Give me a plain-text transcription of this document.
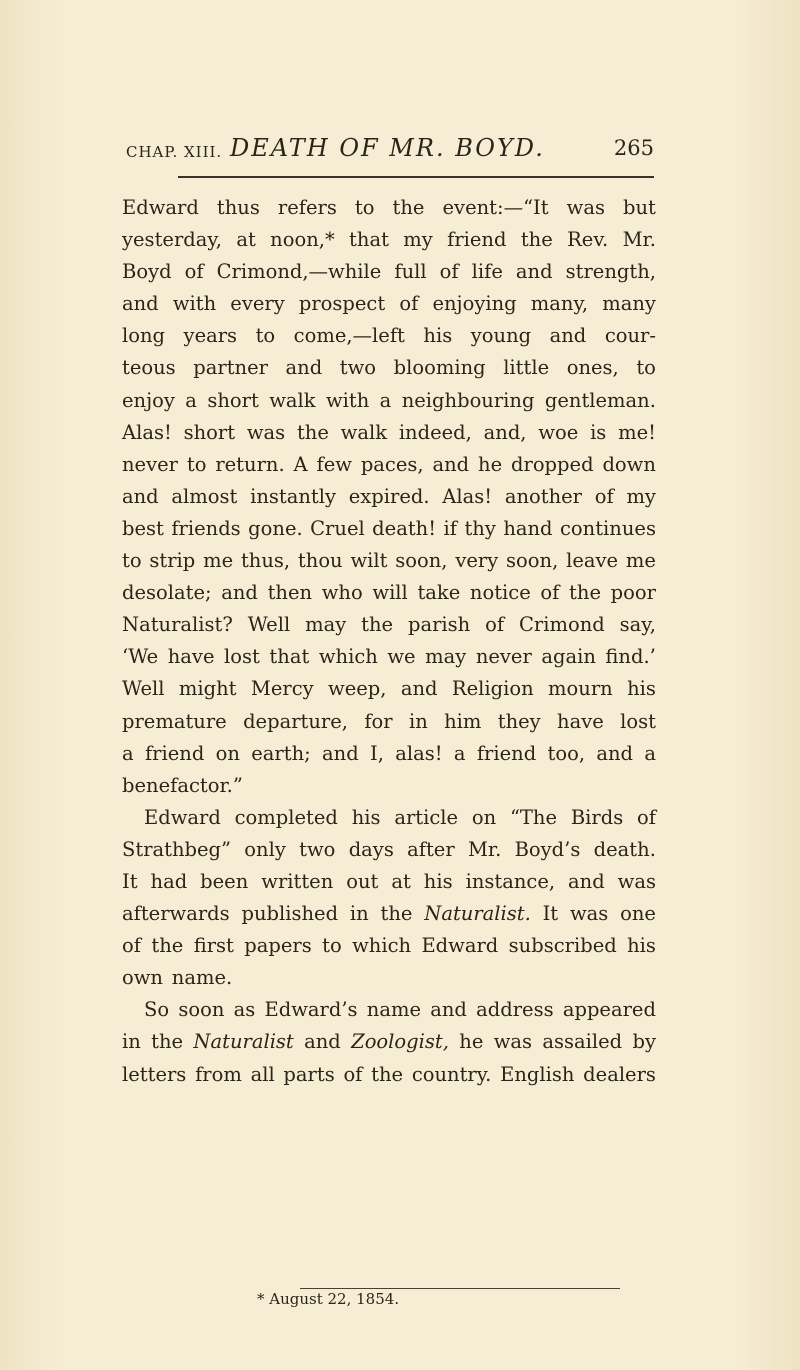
CHAP. XIII. DEATH OF MR. BOYD.	265
Edward thus refers to the event:—“It was but
yesterday, at noon,* that my friend the Rev. Mr.
Boyd of Crimond,—while full of life and strength,
and with every prospect of enjoying many, many
long years to come,—left his young and cour-
teous partner and two blooming little ones, to
enjoy a short walk with a neighbouring gentleman.
Alas! short was the walk indeed, and, woe is me!
never to return. A few paces, and he dropped down
and almost instantly expired. Alas! another of my
best friends gone. Cruel death! if thy hand continues
to strip me thus, thou wilt soon, very soon, leave me
desolate; and then who will take notice of the poor
Naturalist? Well may the parish of Crimond say,
‘We have lost that which we may never again find.’
Well might Mercy weep, and Religion mourn his
premature departure, for in him they have lost
a friend on earth; and I, alas! a friend too, and a
benefactor.”
Edward completed his article on “The Birds of
Strathbeg” only two days after Mr. Boyd’s death.
It had been written out at his instance, and was
afterwards published in the Naturalist. It was one
of the first papers to which Edward subscribed his
own name.
So soon as Edward’s name and address appeared
in the Naturalist and Zoologist, he was assailed by
letters from all parts of the country. English dealers
* August 22, 1854.
